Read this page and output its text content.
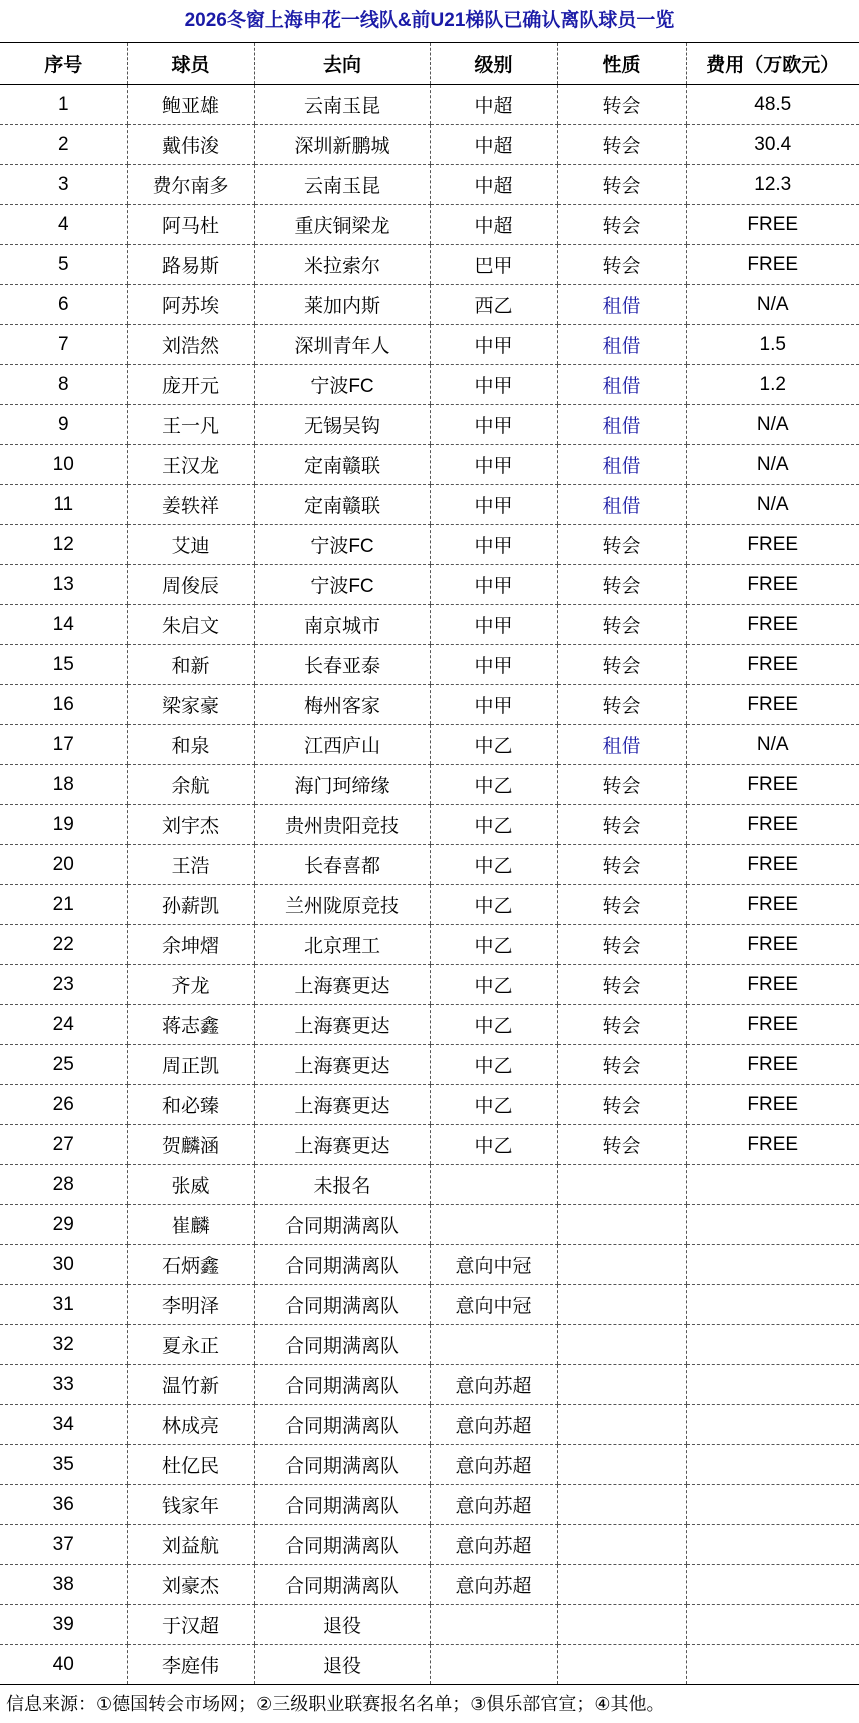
2026冬窗上海申花一线队&前U21梯队已确认离队球员一览
序号	球员	去向	级别	性质	费用（万欧元）
1	鲍亚雄	云南玉昆	中超	转会	48.5
2	戴伟浚	深圳新鹏城	中超	转会	30.4
3	费尔南多	云南玉昆	中超	转会	12.3
4	阿马杜	重庆铜梁龙	中超	转会	FREE
5	路易斯	米拉索尔	巴甲	转会	FREE
6	阿苏埃	莱加内斯	西乙	租借	N/A
7	刘浩然	深圳青年人	中甲	租借	1.5
8	庞开元	宁波FC	中甲	租借	1.2
9	王一凡	无锡吴钩	中甲	租借	N/A
10	王汉龙	定南赣联	中甲	租借	N/A
11	姜轶祥	定南赣联	中甲	租借	N/A
12	艾迪	宁波FC	中甲	转会	FREE
13	周俊辰	宁波FC	中甲	转会	FREE
14	朱启文	南京城市	中甲	转会	FREE
15	和新	长春亚泰	中甲	转会	FREE
16	梁家豪	梅州客家	中甲	转会	FREE
17	和泉	江西庐山	中乙	租借	N/A
18	余航	海门珂缔缘	中乙	转会	FREE
19	刘宇杰	贵州贵阳竞技	中乙	转会	FREE
20	王浩	长春喜都	中乙	转会	FREE
21	孙薪凯	兰州陇原竞技	中乙	转会	FREE
22	余坤熠	北京理工	中乙	转会	FREE
23	齐龙	上海赛更达	中乙	转会	FREE
24	蒋志鑫	上海赛更达	中乙	转会	FREE
25	周正凯	上海赛更达	中乙	转会	FREE
26	和必臻	上海赛更达	中乙	转会	FREE
27	贺麟涵	上海赛更达	中乙	转会	FREE
28	张威	未报名			
29	崔麟	合同期满离队			
30	石炳鑫	合同期满离队	意向中冠		
31	李明泽	合同期满离队	意向中冠		
32	夏永正	合同期满离队			
33	温竹新	合同期满离队	意向苏超		
34	林成亮	合同期满离队	意向苏超		
35	杜亿民	合同期满离队	意向苏超		
36	钱家年	合同期满离队	意向苏超		
37	刘益航	合同期满离队	意向苏超		
38	刘豪杰	合同期满离队	意向苏超		
39	于汉超	退役			
40	李庭伟	退役			
信息来源：①德国转会市场网；②三级职业联赛报名名单；③俱乐部官宣；④其他。
